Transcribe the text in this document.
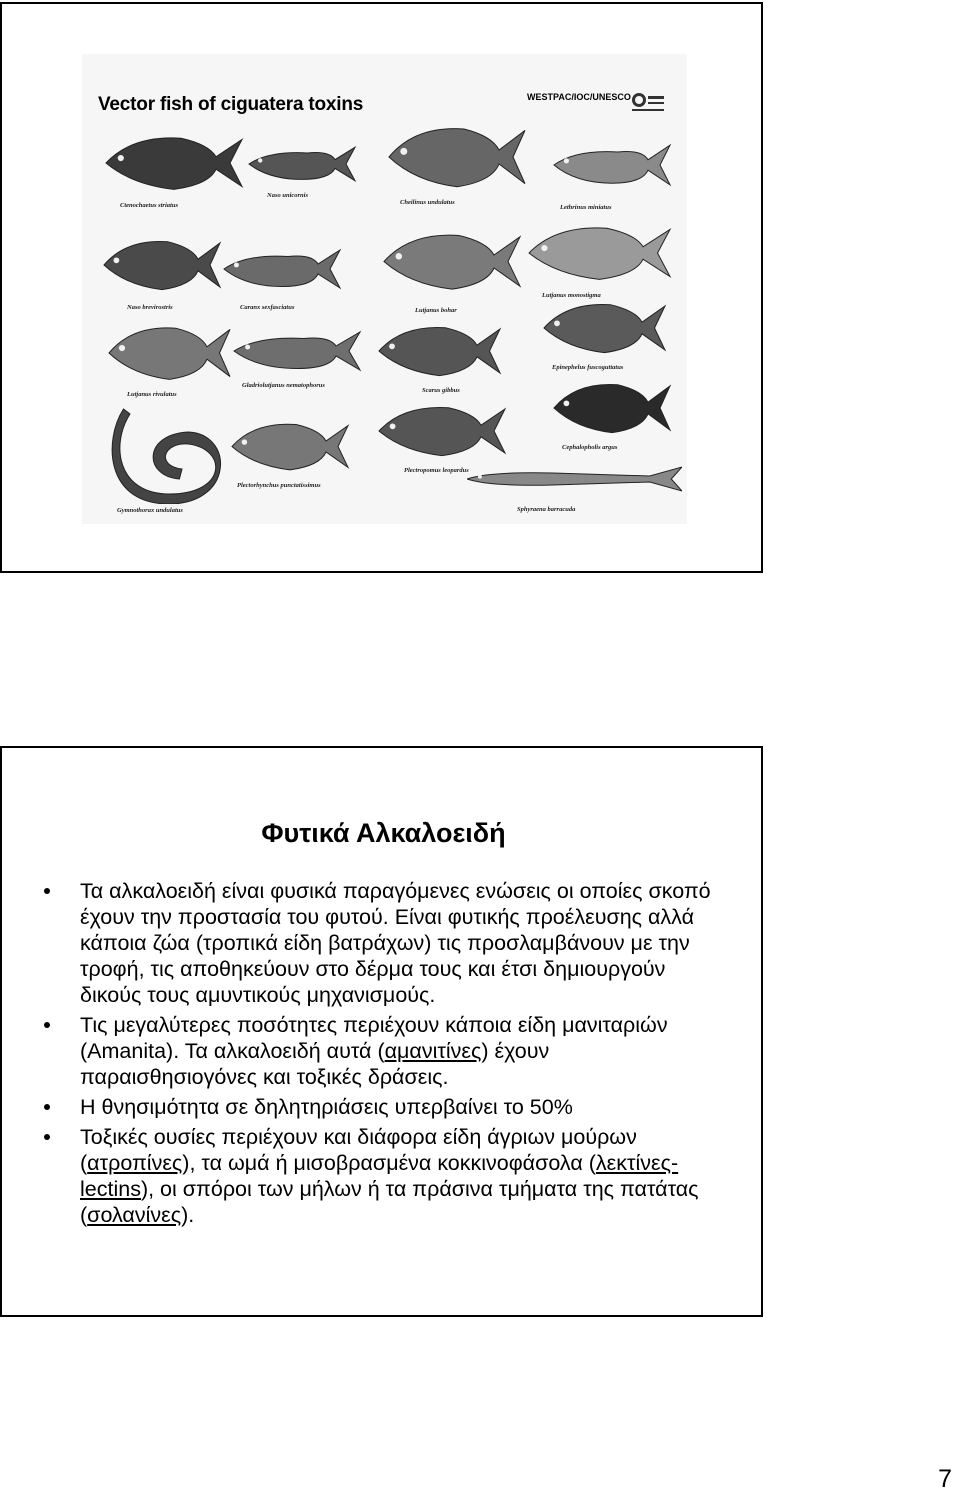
Vector fish of ciguatera toxins	WESTPAC/IOC/UNESCO
Ctenochaetus striatus
Naso unicornis
Cheilinus undulatus
Lethrinus miniatus
Naso brevirostris	Caranx sexfasciatus	Lutjanus bohar
Lutjanus monostigma
Epinephelus fuscoguttatus
Lutjanus rivulatus
Gladriolutjanus nematophorus
Scarus gibbus
Cephalopholis argus
Plectropomus leopardus
Gymnothorax undulatus
Plectorhynchus punctatissimus
Sphyraena barracuda
Φυτικά Αλκαλοειδή
Τα αλκαλοειδή είναι φυσικά παραγόμενες ενώσεις οι οποίες σκοπό έχουν την προστασία του φυτού. Είναι φυτικής προέλευσης αλλά κάποια ζώα (τροπικά είδη βατράχων) τις προσλαμβάνουν με την τροφή, τις αποθηκεύουν στο δέρμα τους και έτσι δημιουργούν δικούς τους αμυντικούς μηχανισμούς.
Τις μεγαλύτερες ποσότητες περιέχουν κάποια είδη μανιταριών (Amanita). Τα αλκαλοειδή αυτά (αμανιτίνες) έχουν παραισθησιογόνες και τοξικές δράσεις.
Η θνησιμότητα σε δηλητηριάσεις υπερβαίνει το 50%
Τοξικές ουσίες περιέχουν και διάφορα είδη άγριων μούρων (ατροπίνες), τα ωμά ή μισοβρασμένα κοκκινοφάσολα (λεκτίνες- lectins), οι σπόροι των μήλων ή τα πράσινα τμήματα της πατάτας (σολανίνες).
7
